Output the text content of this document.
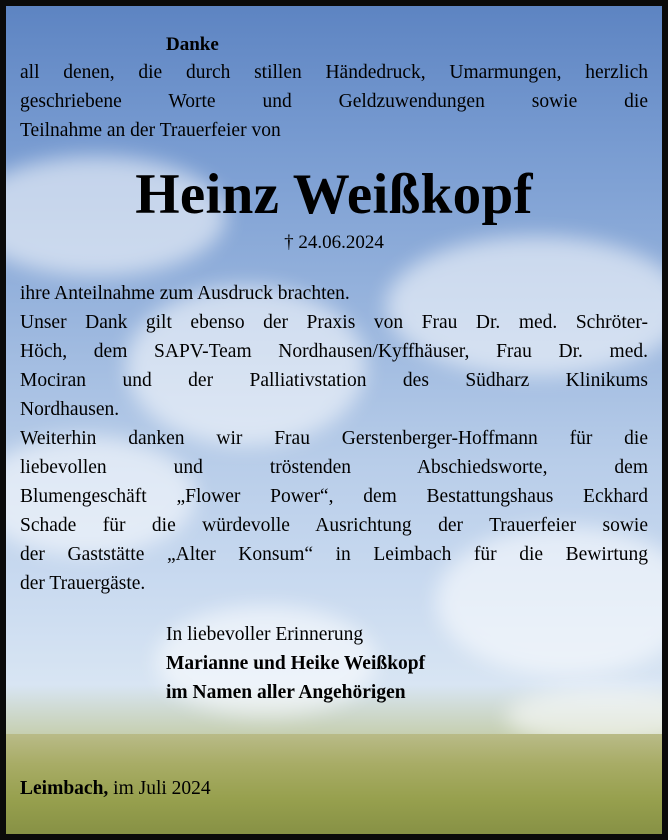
Danke
all denen, die durch stillen Händedruck, Umarmungen, herzlich
geschriebene Worte und Geldzuwendungen sowie die
Teilnahme an der Trauerfeier von
Heinz Weißkopf
† 24.06.2024
ihre Anteilnahme zum Ausdruck brachten.
Unser Dank gilt ebenso der Praxis von Frau Dr. med. Schröter-
Höch, dem SAPV-Team Nordhausen/Kyffhäuser, Frau Dr. med.
Mociran und der Palliativstation des Südharz Klinikums
Nordhausen.
Weiterhin danken wir Frau Gerstenberger-Hoffmann für die
liebevollen und tröstenden Abschiedsworte, dem
Blumengeschäft „Flower Power“, dem Bestattungshaus Eckhard
Schade für die würdevolle Ausrichtung der Trauerfeier sowie
der Gaststätte „Alter Konsum“ in Leimbach für die Bewirtung
der Trauergäste.
In liebevoller Erinnerung
Marianne und Heike Weißkopf
im Namen aller Angehörigen
Leimbach, im Juli 2024
